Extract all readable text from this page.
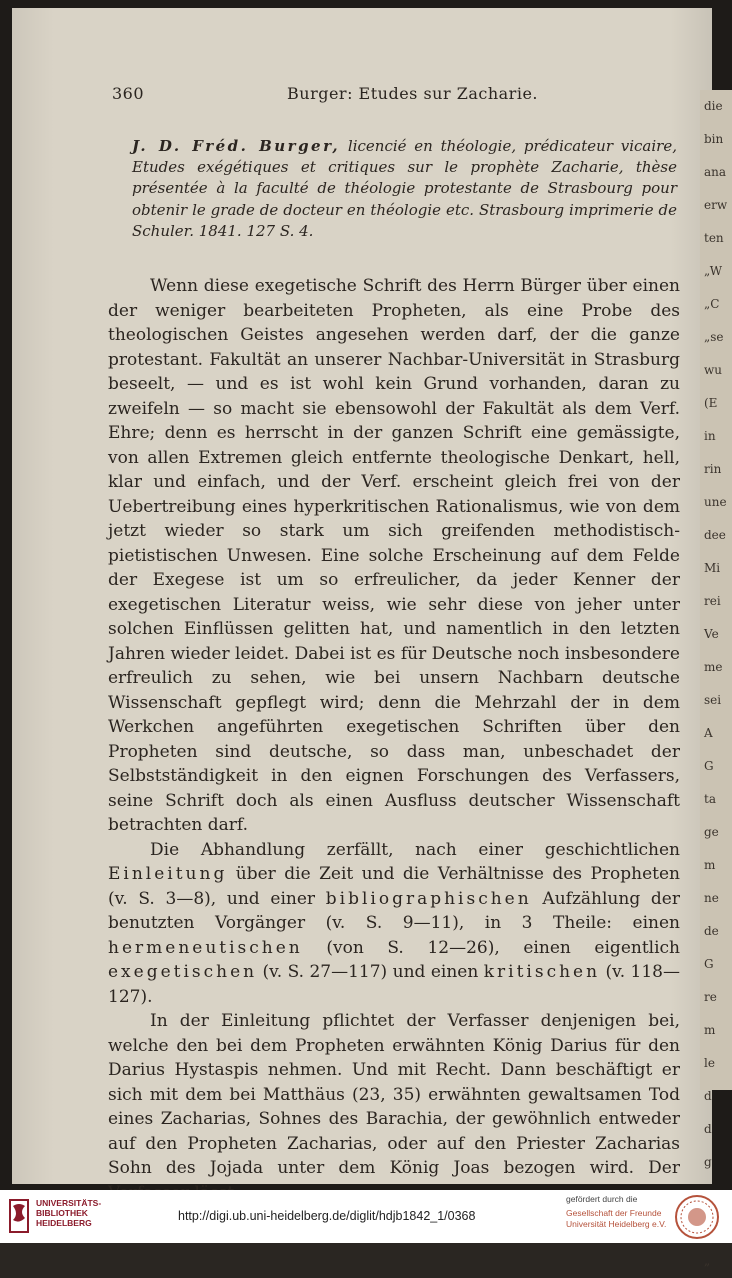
360	Burger: Etudes sur Zacharie.
J. D. Fréd. Burger, licencié en théologie, prédicateur vicaire, Etudes exégétiques et critiques sur le prophète Zacharie, thèse présentée à la faculté de théologie protestante de Strasbourg pour obtenir le grade de docteur en théologie etc. Strasbourg imprimerie de Schuler. 1841. 127 S. 4.

Wenn diese exegetische Schrift des Herrn Bürger über einen der weniger bearbeiteten Propheten, als eine Probe des theologischen Geistes angesehen werden darf, der die ganze protestant. Fakultät an unserer Nachbar-Universität in Strasburg beseelt, — und es ist wohl kein Grund vorhanden, daran zu zweifeln — so macht sie ebensowohl der Fakultät als dem Verf. Ehre; denn es herrscht in der ganzen Schrift eine gemässigte, von allen Extremen gleich entfernte theologische Denkart, hell, klar und einfach, und der Verf. erscheint gleich frei von der Uebertreibung eines hyperkritischen Rationalismus, wie von dem jetzt wieder so stark um sich greifenden methodistisch-pietistischen Unwesen. Eine solche Erscheinung auf dem Felde der Exegese ist um so erfreulicher, da jeder Kenner der exegetischen Literatur weiss, wie sehr diese von jeher unter solchen Einflüssen gelitten hat, und namentlich in den letzten Jahren wieder leidet. Dabei ist es für Deutsche noch insbesondere erfreulich zu sehen, wie bei unsern Nachbarn deutsche Wissenschaft gepflegt wird; denn die Mehrzahl der in dem Werkchen angeführten exegetischen Schriften über den Propheten sind deutsche, so dass man, unbeschadet der Selbstständigkeit in den eignen Forschungen des Verfassers, seine Schrift doch als einen Ausfluss deutscher Wissenschaft betrachten darf.

Die Abhandlung zerfällt, nach einer geschichtlichen Einleitung über die Zeit und die Verhältnisse des Propheten (v. S. 3—8), und einer bibliographischen Aufzählung der benutzten Vorgänger (v. S. 9—11), in 3 Theile: einen hermeneutischen (von S. 12—26), einen eigentlich exegetischen (v. S. 27—117) und einen kritischen (v. 118—127).

In der Einleitung pflichtet der Verfasser denjenigen bei, welche den bei dem Propheten erwähnten König Darius für den Darius Hystaspis nehmen. Und mit Recht. Dann beschäftigt er sich mit dem bei Matthäus (23, 35) erwähnten gewaltsamen Tod eines Zacharias, Sohnes des Barachia, der gewöhnlich entweder auf den Propheten Zacharias, oder auf den Priester Zacharias Sohn des Jojada unter dem König Joas bezogen wird. Der

die
bin
ana
erw
ten
„W
„C
„se
wu
(E
in
rin
une
dee
Mi
rei
Ve
me
sei
A
G
ta
ge
m
ne
de
G
re
m
le
d
d
g
„
UNIVERSITÄTS-
BIBLIOTHEK
HEIDELBERG	http://digi.ub.uni-heidelberg.de/diglit/hdjb1842_1/0368
gefördert durch die
Gesellschaft der Freunde
Universität Heidelberg e.V.
